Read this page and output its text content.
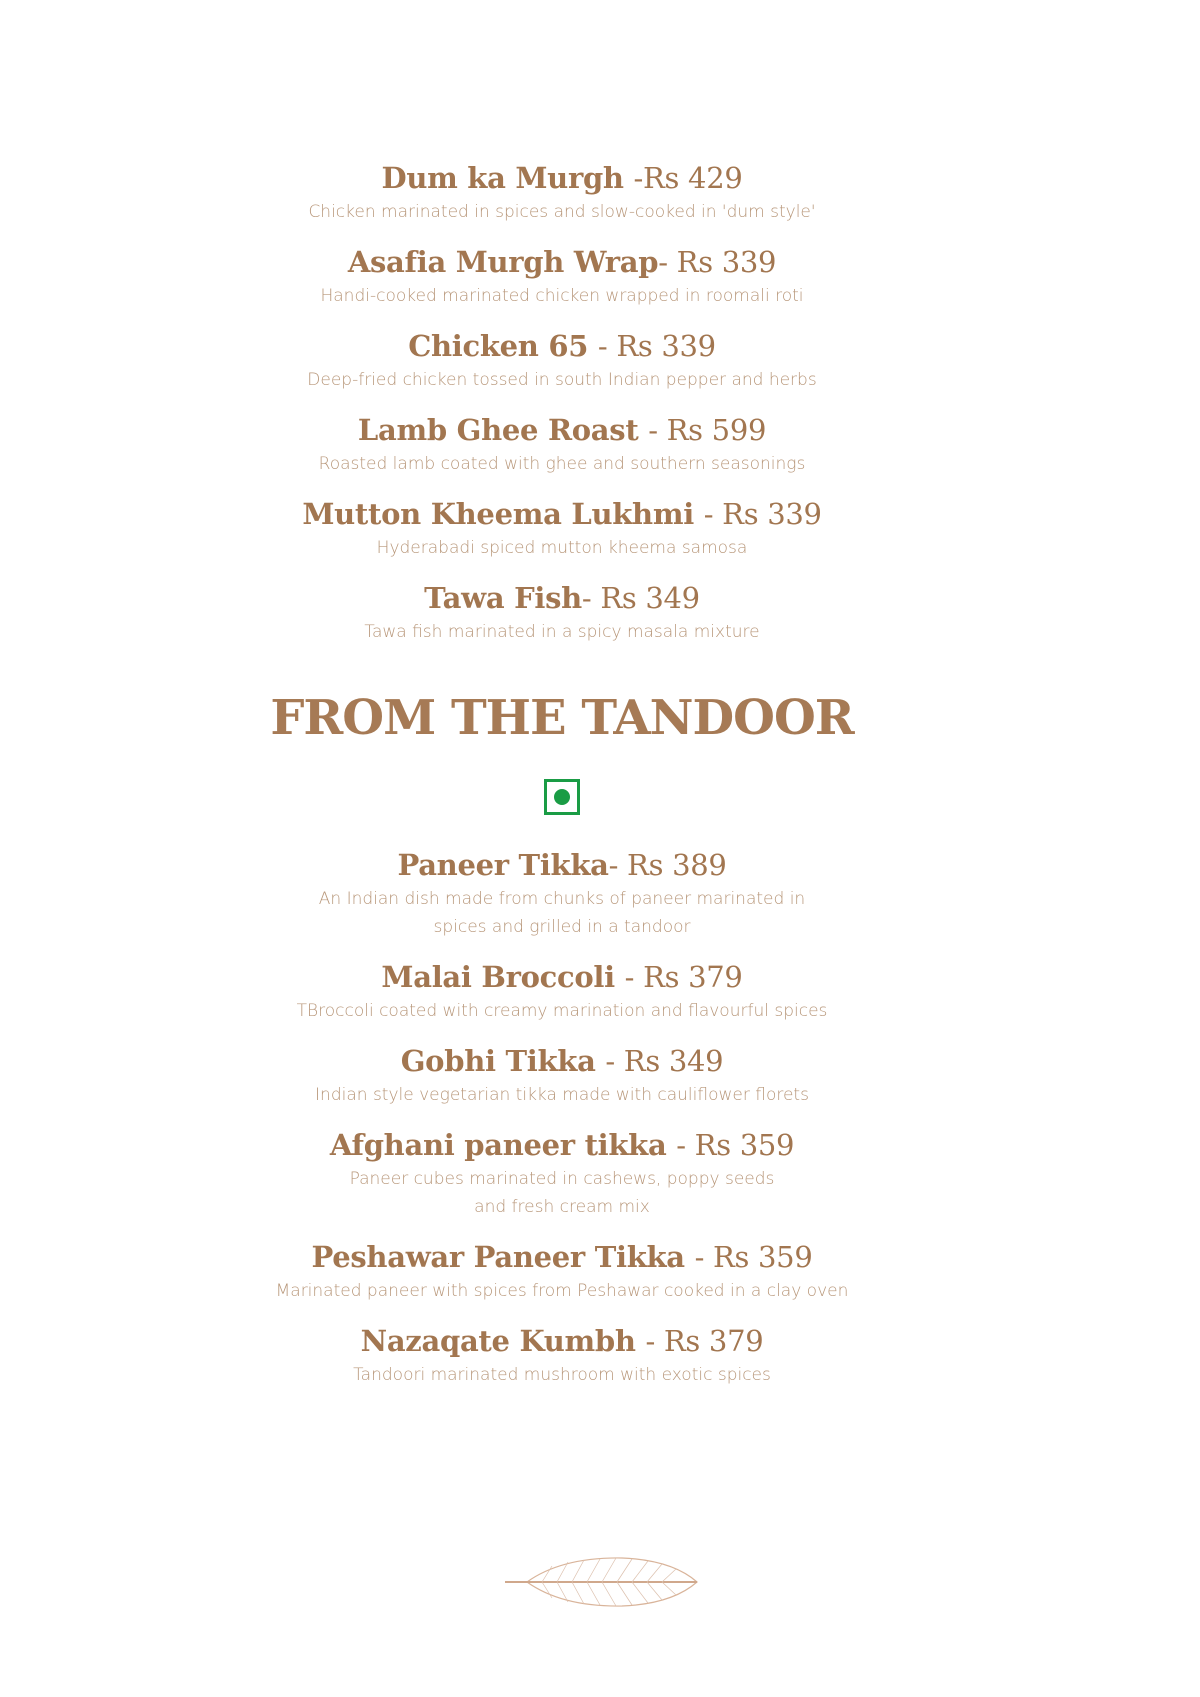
Dum ka Murgh -Rs 429
Chicken marinated in spices and slow-cooked in 'dum style'
Asafia Murgh Wrap- Rs 339
Handi-cooked marinated chicken wrapped in roomali roti
Chicken 65 - Rs 339
Deep-fried chicken tossed in south Indian pepper and herbs
Lamb Ghee Roast - Rs 599
Roasted lamb coated with ghee and southern seasonings
Mutton Kheema Lukhmi - Rs 339
Hyderabadi spiced mutton kheema samosa
Tawa Fish- Rs 349
Tawa fish marinated in a spicy masala mixture
FROM THE TANDOOR
Paneer Tikka- Rs 389
An Indian dish made from chunks of paneer marinated in
spices and grilled in a tandoor
Malai Broccoli - Rs 379
TBroccoli coated with creamy marination and flavourful spices
Gobhi Tikka - Rs 349
Indian style vegetarian tikka made with cauliflower florets
Afghani paneer tikka - Rs 359
Paneer cubes marinated in cashews, poppy seeds
and fresh cream mix
Peshawar Paneer Tikka - Rs 359
Marinated paneer with spices from Peshawar cooked in a clay oven
Nazaqate Kumbh - Rs 379
Tandoori marinated mushroom with exotic spices
